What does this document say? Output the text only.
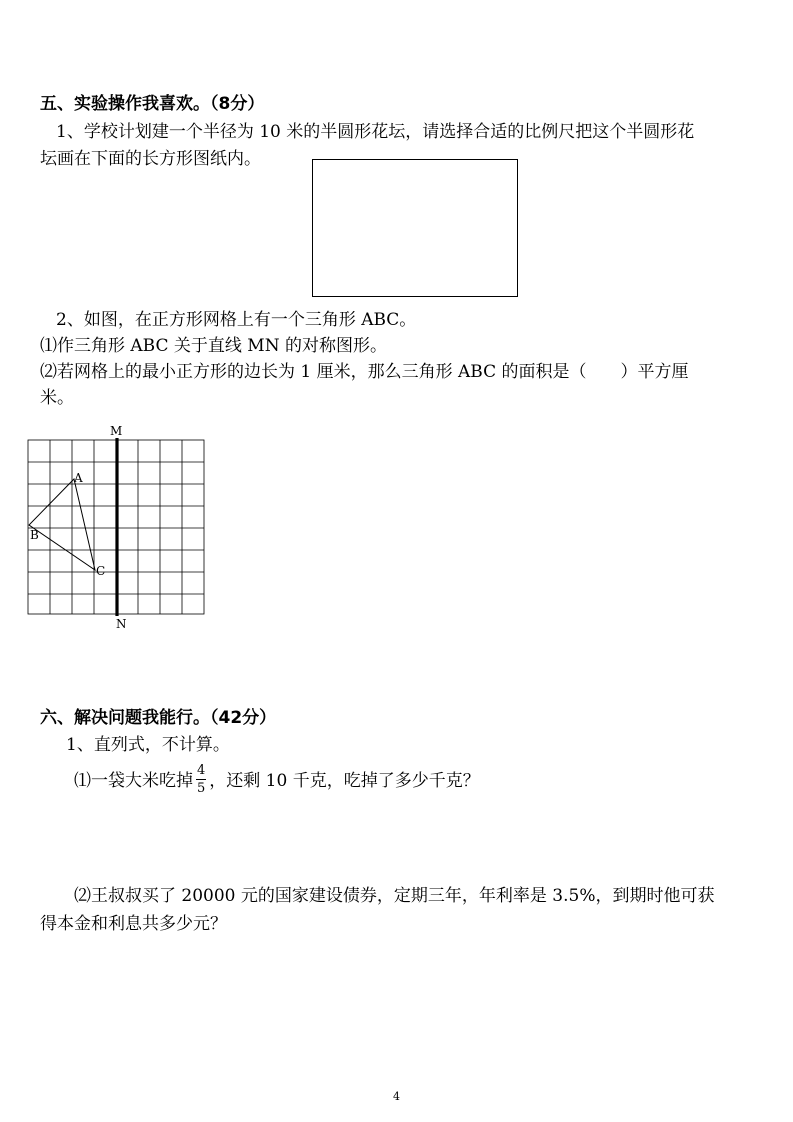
五、实验操作我喜欢。（8分）
1、学校计划建一个半径为 10 米的半圆形花坛，请选择合适的比例尺把这个半圆形花
坛画在下面的长方形图纸内。
2、如图，在正方形网格上有一个三角形 ABC。
⑴作三角形 ABC 关于直线 MN 的对称图形。
⑵若网格上的最小正方形的边长为 1 厘米，那么三角形 ABC 的面积是（　　）平方厘
米。
M
N
A
B
C
六、解决问题我能行。（42分）
1、直列式，不计算。
⑴一袋大米吃掉 $\frac{4}{5}$ ，还剩 10 千克，吃掉了多少千克？
⑵王叔叔买了 20000 元的国家建设债券，定期三年，年利率是 3.5%，到期时他可获
得本金和利息共多少元？
4
